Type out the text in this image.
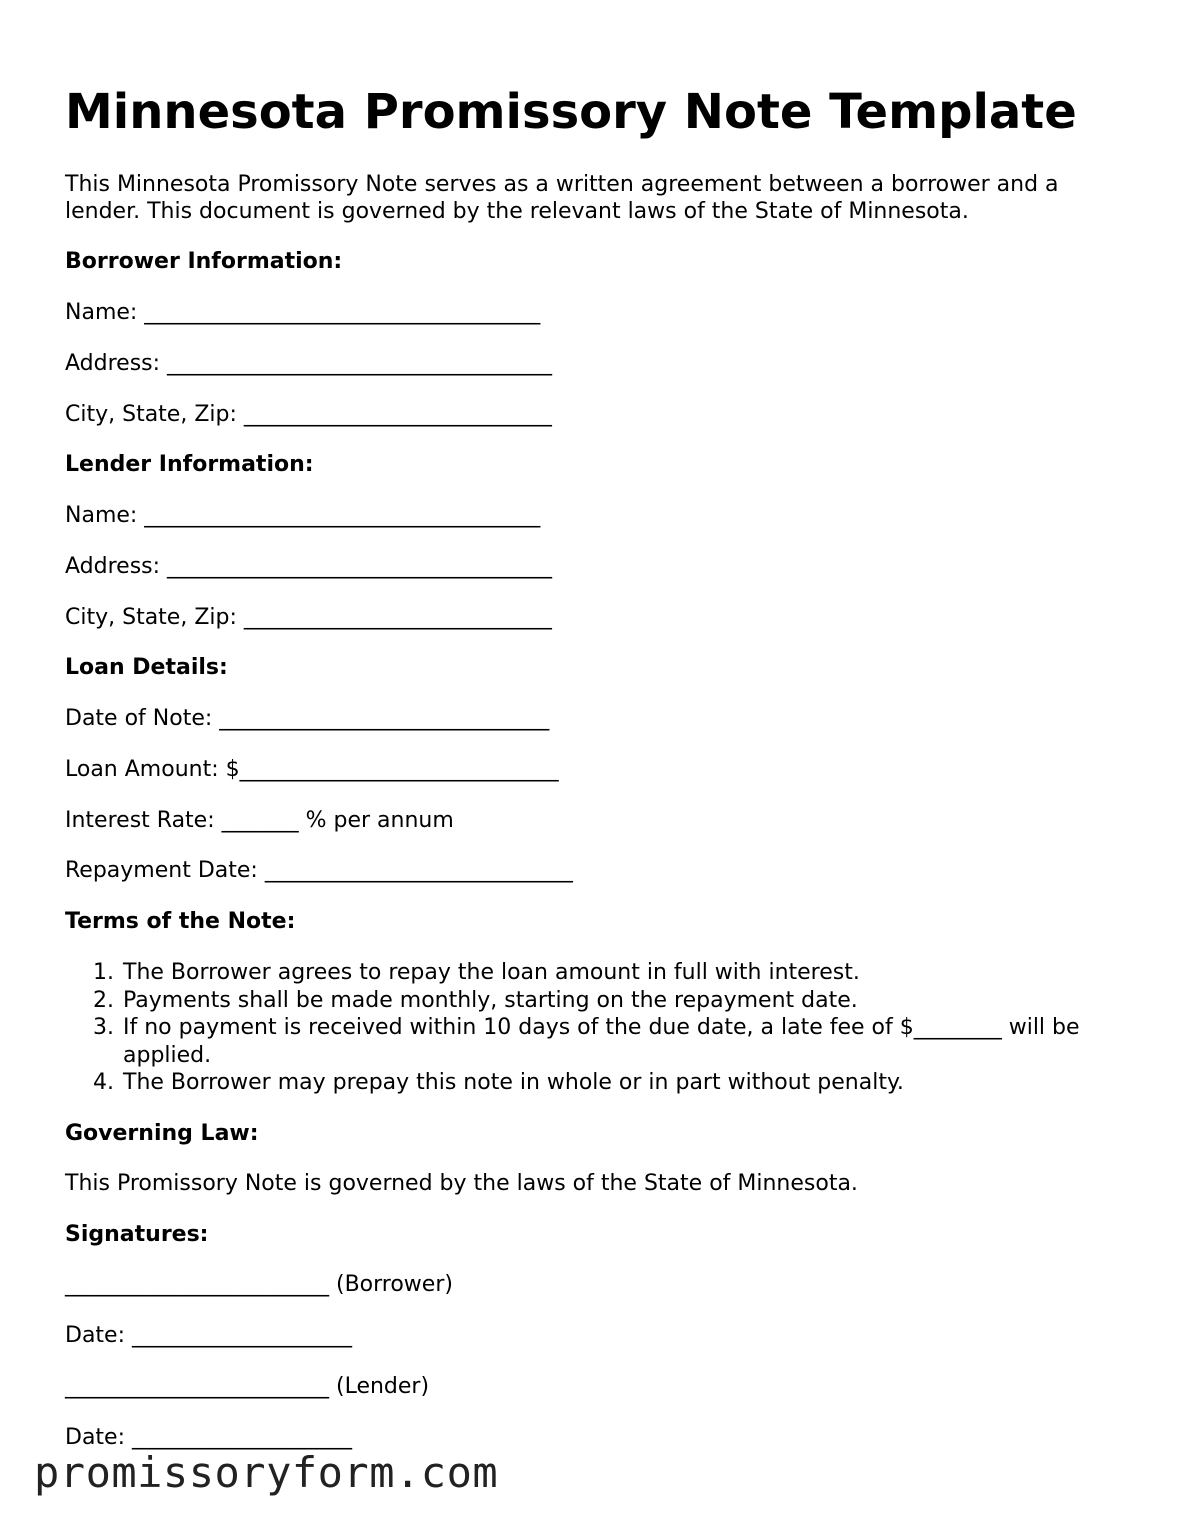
Minnesota Promissory Note Template

This Minnesota Promissory Note serves as a written agreement between a borrower and a lender. This document is governed by the relevant laws of the State of Minnesota.

Borrower Information:

Name: ____________________________________

Address: ___________________________________

City, State, Zip: ____________________________

Lender Information:

Name: ____________________________________

Address: ___________________________________

City, State, Zip: ____________________________

Loan Details:

Date of Note: ______________________________

Loan Amount: $_____________________________

Interest Rate: _______ % per annum

Repayment Date: ____________________________

Terms of the Note:

1. The Borrower agrees to repay the loan amount in full with interest.
2. Payments shall be made monthly, starting on the repayment date.
3. If no payment is received within 10 days of the due date, a late fee of $________ will be applied.
4. The Borrower may prepay this note in whole or in part without penalty.

Governing Law:

This Promissory Note is governed by the laws of the State of Minnesota.

Signatures:

________________________ (Borrower)

Date: ____________________

________________________ (Lender)

Date: ____________________

promissoryform.com
